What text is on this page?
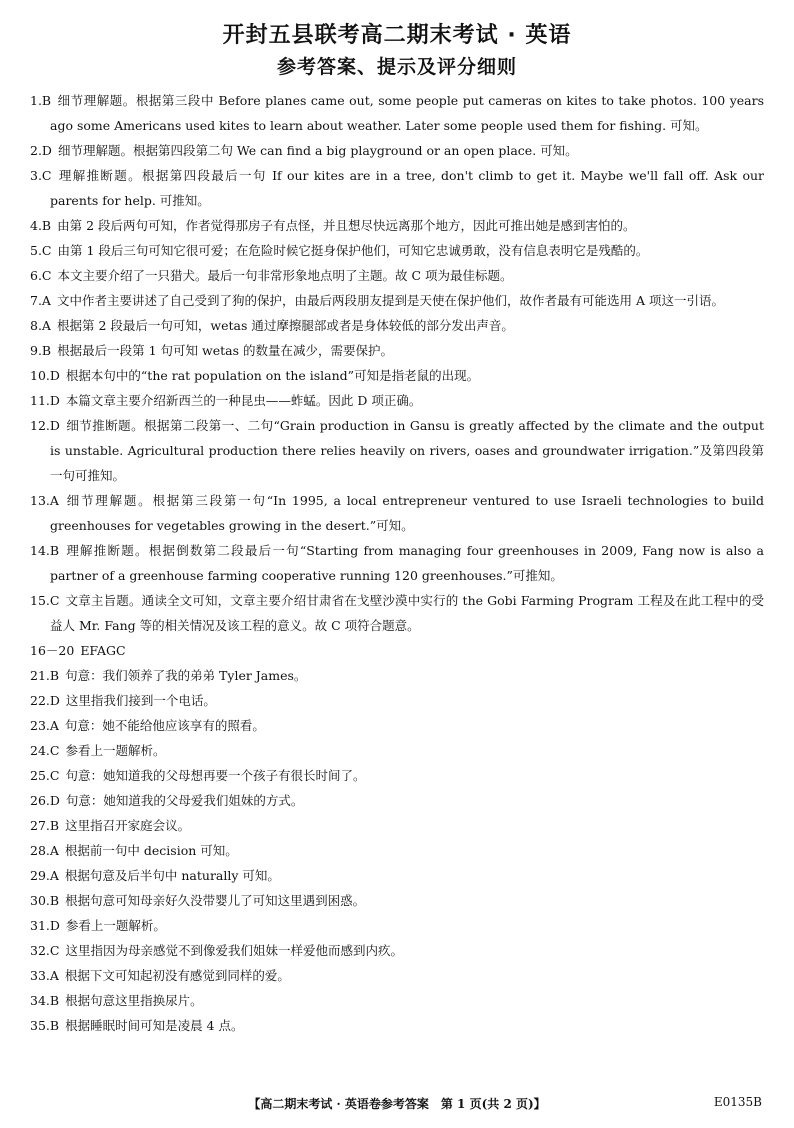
开封五县联考高二期末考试 · 英语
参考答案、提示及评分细则
1.B 细节理解题。根据第三段中 Before planes came out, some people put cameras on kites to take photos. 100 years ago some Americans used kites to learn about weather. Later some people used them for fishing. 可知。
2.D 细节理解题。根据第四段第二句 We can find a big playground or an open place. 可知。
3.C 理解推断题。根据第四段最后一句 If our kites are in a tree, don't climb to get it. Maybe we'll fall off. Ask our parents for help. 可推知。
4.B 由第 2 段后两句可知，作者觉得那房子有点怪，并且想尽快远离那个地方，因此可推出她是感到害怕的。
5.C 由第 1 段后三句可知它很可爱；在危险时候它挺身保护他们，可知它忠诚勇敢，没有信息表明它是残酷的。
6.C 本文主要介绍了一只猎犬。最后一句非常形象地点明了主题。故 C 项为最佳标题。
7.A 文中作者主要讲述了自己受到了狗的保护，由最后两段朋友提到是天使在保护他们，故作者最有可能选用 A 项这一引语。
8.A 根据第 2 段最后一句可知，wetas 通过摩擦腿部或者是身体较低的部分发出声音。
9.B 根据最后一段第 1 句可知 wetas 的数量在减少，需要保护。
10.D 根据本句中的“the rat population on the island”可知是指老鼠的出现。
11.D 本篇文章主要介绍新西兰的一种昆虫——蚱蜢。因此 D 项正确。
12.D 细节推断题。根据第二段第一、二句“Grain production in Gansu is greatly affected by the climate and the output is unstable. Agricultural production there relies heavily on rivers, oases and groundwater irrigation.”及第四段第一句可推知。
13.A 细节理解题。根据第三段第一句“In 1995, a local entrepreneur ventured to use Israeli technologies to build greenhouses for vegetables growing in the desert.”可知。
14.B 理解推断题。根据倒数第二段最后一句“Starting from managing four greenhouses in 2009, Fang now is also a partner of a greenhouse farming cooperative running 120 greenhouses.”可推知。
15.C 文章主旨题。通读全文可知，文章主要介绍甘肃省在戈壁沙漠中实行的 the Gobi Farming Program 工程及在此工程中的受益人 Mr. Fang 等的相关情况及该工程的意义。故 C 项符合题意。
16－20 EFAGC
21.B 句意：我们领养了我的弟弟 Tyler James。
22.D 这里指我们接到一个电话。
23.A 句意：她不能给他应该享有的照看。
24.C 参看上一题解析。
25.C 句意：她知道我的父母想再要一个孩子有很长时间了。
26.D 句意：她知道我的父母爱我们姐妹的方式。
27.B 这里指召开家庭会议。
28.A 根据前一句中 decision 可知。
29.A 根据句意及后半句中 naturally 可知。
30.B 根据句意可知母亲好久没带婴儿了可知这里遇到困惑。
31.D 参看上一题解析。
32.C 这里指因为母亲感觉不到像爱我们姐妹一样爱他而感到内疚。
33.A 根据下文可知起初没有感觉到同样的爱。
34.B 根据句意这里指换尿片。
35.B 根据睡眠时间可知是凌晨 4 点。
【高二期末考试 · 英语卷参考答案　第 1 页(共 2 页)】	E0135B
